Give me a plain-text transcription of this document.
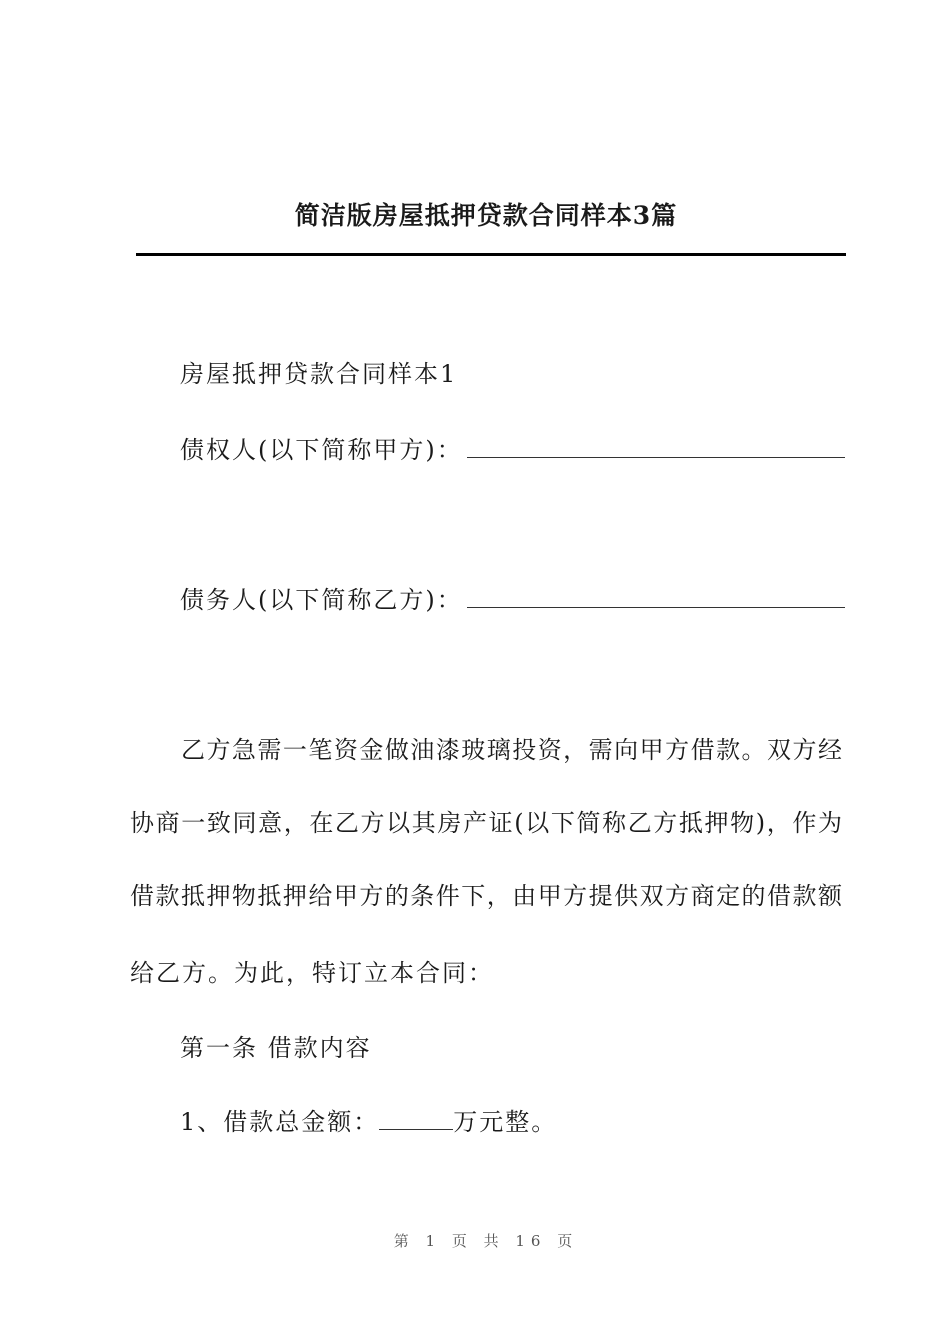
简洁版房屋抵押贷款合同样本3篇
房屋抵押贷款合同样本1
债权人(以下简称甲方)：
债务人(以下简称乙方)：
　　乙方急需一笔资金做油漆玻璃投资，需向甲方借款。双方经
协商一致同意，在乙方以其房产证(以下简称乙方抵押物)，作为
借款抵押物抵押给甲方的条件下，由甲方提供双方商定的借款额
给乙方。为此，特订立本合同：
第一条 借款内容
1、借款总金额：	万元整。
第 1 页 共 16 页
